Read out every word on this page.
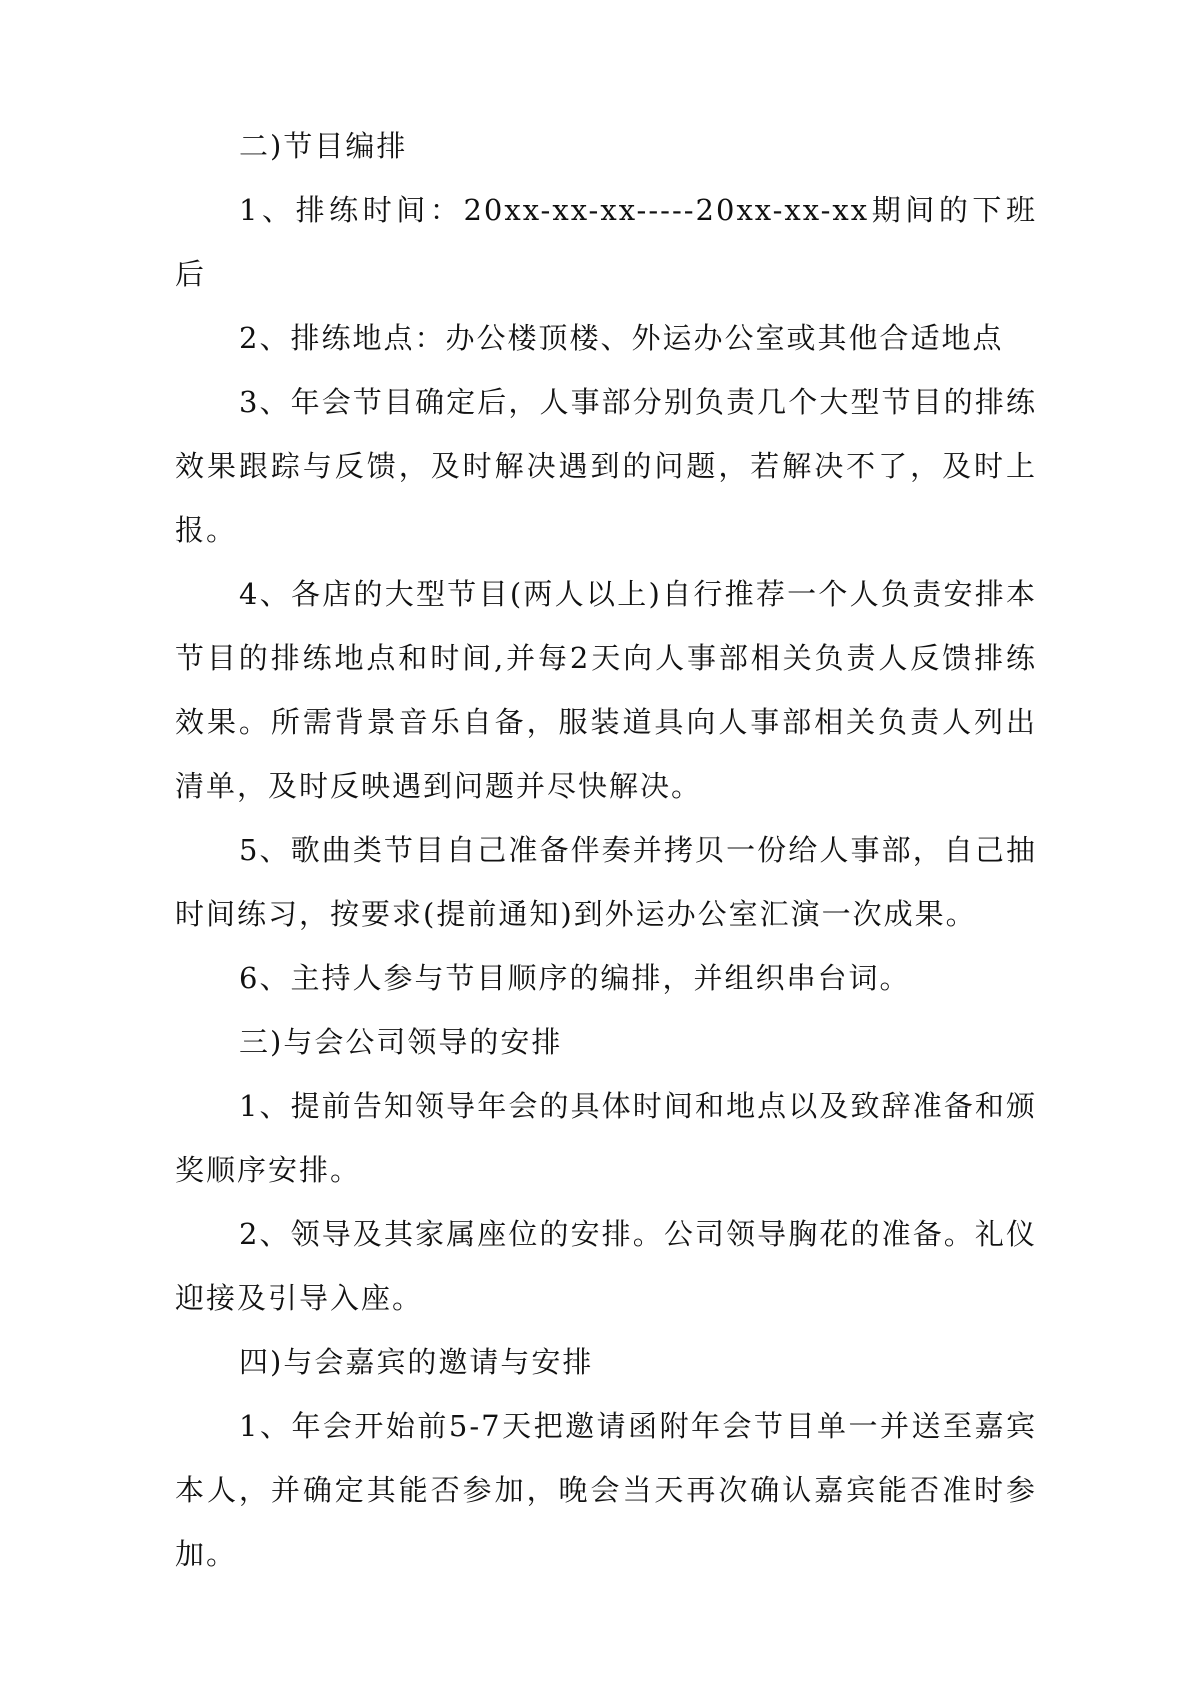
二)节目编排

1、排练时间：20xx-xx-xx-----20xx-xx-xx期间的下班后

2、排练地点：办公楼顶楼、外运办公室或其他合适地点

3、年会节目确定后，人事部分别负责几个大型节目的排练效果跟踪与反馈，及时解决遇到的问题，若解决不了，及时上报。

4、各店的大型节目(两人以上)自行推荐一个人负责安排本节目的排练地点和时间,并每2天向人事部相关负责人反馈排练效果。所需背景音乐自备，服装道具向人事部相关负责人列出清单，及时反映遇到问题并尽快解决。

5、歌曲类节目自己准备伴奏并拷贝一份给人事部，自己抽时间练习，按要求(提前通知)到外运办公室汇演一次成果。

6、主持人参与节目顺序的编排，并组织串台词。

三)与会公司领导的安排

1、提前告知领导年会的具体时间和地点以及致辞准备和颁奖顺序安排。

2、领导及其家属座位的安排。公司领导胸花的准备。礼仪迎接及引导入座。

四)与会嘉宾的邀请与安排

1、年会开始前5-7天把邀请函附年会节目单一并送至嘉宾本人，并确定其能否参加，晚会当天再次确认嘉宾能否准时参加。
